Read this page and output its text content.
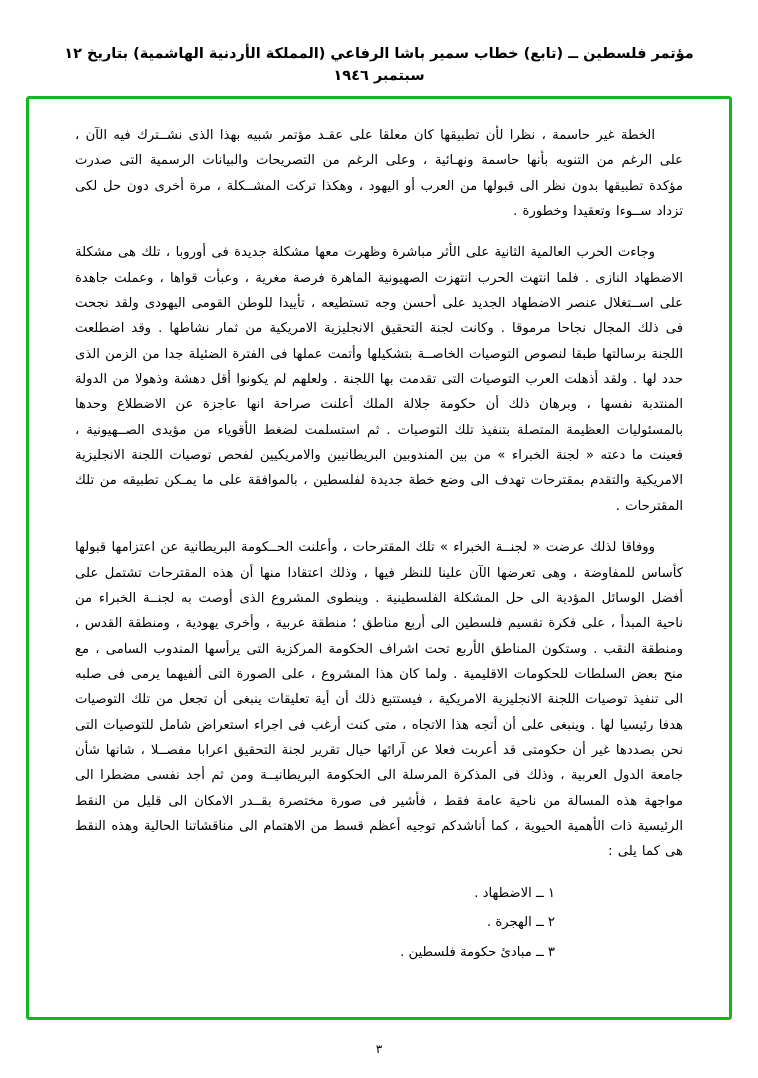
مؤتمر فلسطين ــ (تابع) خطاب سمير باشا الرفاعي (المملكة الأردنية الهاشمية) بتاريخ ١٢ سبتمبر ١٩٤٦

الخطة غير حاسمة ، نظرا لأن تطبيقها كان معلقا على عقـد مؤتمر شبيه بهذا الذى نشــترك فيه الآن ، على الرغم من التنويه بأنها حاسمة ونهـائية ، وعلى الرغم من التصريحات والبيانات الرسمية التى صدرت مؤكدة تطبيقها بدون نظر الى قبولها من العرب أو اليهود ، وهكذا تركت المشــكلة ، مرة أخرى دون حل لكى تزداد ســوءا وتعقيدا وخطورة .

وجاءت الحرب العالمية الثانية على الأثر مباشرة وظهرت معها مشكلة جديدة فى أوروبا ، تلك هى مشكلة الاضطهاد النازى . فلما انتهت الحرب انتهزت الصهيونية الماهرة فرصة مغرية ، وعبأت قواها ، وعملت جاهدة على اســتغلال عنصر الاضطهاد الجديد على أحسن وجه تستطيعه ، تأييدا للوطن القومى اليهودى ولقد نجحت فى ذلك المجال نجاحا مرموقا . وكانت لجنة التحقيق الانجليزية الامريكية من ثمار نشاطها . وقد اضطلعت اللجنة برسالتها طبقا لنصوص التوصيات الخاصــة بتشكيلها وأتمت عملها فى الفترة الضئيلة جدا من الزمن الذى حدد لها . ولقد أذهلت العرب التوصيات التى تقدمت بها اللجنة . ولعلهم لم يكونوا أقل دهشة وذهولا من الدولة المنتدبة نفسها ، وبرهان ذلك أن حكومة جلالة الملك أعلنت صراحة انها عاجزة عن الاضطلاع وحدها بالمسئوليات العظيمة المتصلة بتنفيذ تلك التوصيات . ثم استسلمت لضغط الأقوياء من مؤيدى الصــهيونية ، فعينت ما دعته « لجنة الخبراء » من بين المندوبين البريطانيين والامريكيين لفحص توصيات اللجنة الانجليزية الامريكية والتقدم بمقترحات تهدف الى وضع خطة جديدة لفلسطين ، بالموافقة على ما يمـكن تطبيقه من تلك المقترحات .

ووفاقا لذلك عرضت « لجنــة الخبراء » تلك المقترحات ، وأعلنت الحــكومة البريطانية عن اعتزامها قبولها كأساس للمفاوضة ، وهى تعرضها الآن علينا للنظر فيها ، وذلك اعتقادا منها أن هذه المقترحات تشتمل على أفضل الوسائل المؤدية الى حل المشكلة الفلسطينية . وينطوى المشروع الذى أوصت به لجنــة الخبراء من ناحية المبدأ ، على فكرة تقسيم فلسطين الى أربع مناطق ؛ منطقة عربية ، وأخرى يهودية ، ومنطقة القدس ، ومنطقة النقب . وستكون المناطق الأربع تحت اشراف الحكومة المركزية التى يرأسها المندوب السامى ، مع منح بعض السلطات للحكومات الاقليمية . ولما كان هذا المشروع ، على الصورة التى ألفيهما يرمى فى صلبه الى تنفيذ توصيات اللجنة الانجليزية الامريكية ، فيستتبع ذلك أن أية تعليقات ينبغى أن تجعل من تلك التوصيات هدفا رئيسيا لها . وينبغى على أن أتجه هذا الاتجاه ، متى كنت أرغب فى اجراء استعراض شامل للتوصيات التى نحن بصددها غير أن حكومتى قد أعربت فعلا عن آرائها حيال تقرير لجنة التحقيق اعرابا مفصــلا ، شانها شأن جامعة الدول العربية ، وذلك فى المذكرة المرسلة الى الحكومة البريطانيــة ومن ثم أجد نفسى مضطرا الى مواجهة هذه المسالة من ناحية عامة فقط ، فأشير فى صورة مختصرة بقــدر الامكان الى قليل من النقط الرئيسية ذات الأهمية الحيوية ، كما أناشدكم توجيه أعظم قسط من الاهتمام الى مناقشاتنا الحالية وهذه النقط هى كما يلى :

١ ــ الاضطهاد .
٢ ــ الهجرة .
٣ ــ مبادئ حكومة فلسطين .
٣
